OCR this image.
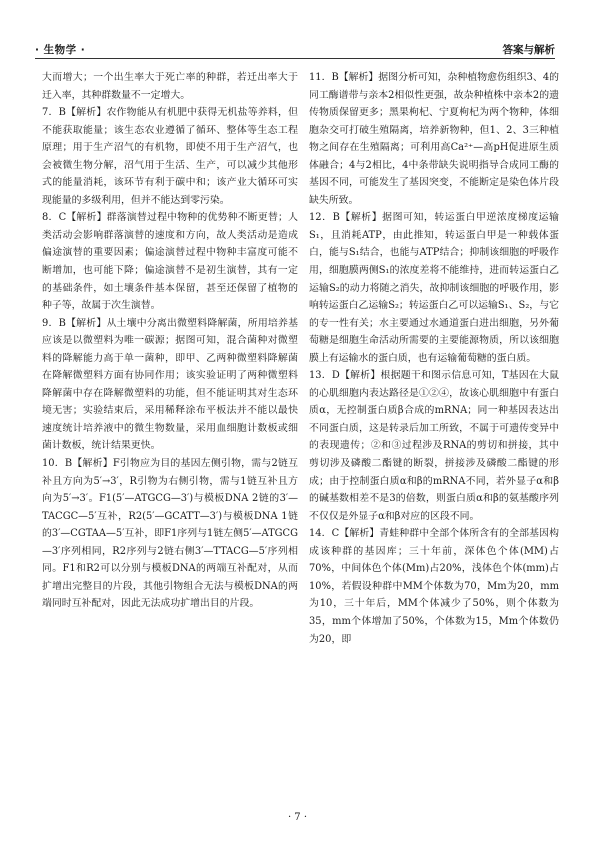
· 生物学 ·	答案与解析

大而增大；一个出生率大于死亡率的种群，若迁出率大于迁入率，其种群数量不一定增大。

7．B【解析】农作物能从有机肥中获得无机盐等养料，但不能获取能量；该生态农业遵循了循环、整体等生态工程原理；用于生产沼气的有机物，即使不用于生产沼气，也会被微生物分解，沼气用于生活、生产，可以减少其他形式的能量消耗，该环节有利于碳中和；该产业大循环可实现能量的多级利用，但并不能达到零污染。

8．C【解析】群落演替过程中物种的优势种不断更替；人类活动会影响群落演替的速度和方向，故人类活动是造成偏途演替的重要因素；偏途演替过程中物种丰富度可能不断增加，也可能下降；偏途演替不是初生演替，其有一定的基础条件，如土壤条件基本保留，甚至还保留了植物的种子等，故属于次生演替。

9．B【解析】从土壤中分离出微塑料降解菌，所用培养基应该是以微塑料为唯一碳源；据图可知，混合菌种对微塑料的降解能力高于单一菌种，即甲、乙两种微塑料降解菌在降解微塑料方面有协同作用；该实验证明了两种微塑料降解菌中存在降解微塑料的功能，但不能证明其对生态环境无害；实验结束后，采用稀释涂布平板法并不能以最快速度统计培养液中的微生物数量，采用血细胞计数板或细菌计数板，统计结果更快。

10．B【解析】F引物应为目的基因左侧引物，需与2链互补且方向为5′→3′，R引物为右侧引物，需与1链互补且方向为5′→3′。F1(5′—ATGCG—3′)与模板DNA 2链的3′—TACGC—5′互补，R2(5′—GCATT—3′)与模板DNA 1链的3′—CGTAA—5′互补，即F1序列与1链左侧5′—ATGCG—3′序列相同，R2序列与2链右侧3′—TTACG—5′序列相同。F1和R2可以分别与模板DNA的两端互补配对，从而扩增出完整目的片段，其他引物组合无法与模板DNA的两端同时互补配对，因此无法成功扩增出目的片段。

11．B【解析】据图分析可知，杂种植物愈伤组织3、4的同工酶谱带与亲本2相似性更强，故杂种植株中亲本2的遗传物质保留更多；黑果枸杞、宁夏枸杞为两个物种，体细胞杂交可打破生殖隔离，培养新物种，但1、2、3三种植物之间存在生殖隔离；可利用高Ca²⁺—高pH促进原生质体融合；4与2相比，4中条带缺失说明指导合成同工酶的基因不同，可能发生了基因突变，不能断定是染色体片段缺失所致。

12．B【解析】据图可知，转运蛋白甲逆浓度梯度运输S₁，且消耗ATP，由此推知，转运蛋白甲是一种载体蛋白，能与S₁结合，也能与ATP结合；抑制该细胞的呼吸作用，细胞膜两侧S₁的浓度差将不能维持，进而转运蛋白乙运输S₂的动力将随之消失，故抑制该细胞的呼吸作用，影响转运蛋白乙运输S₂；转运蛋白乙可以运输S₁、S₂，与它的专一性有关；水主要通过水通道蛋白进出细胞，另外葡萄糖是细胞生命活动所需要的主要能源物质，所以该细胞膜上有运输水的蛋白质，也有运输葡萄糖的蛋白质。

13．D【解析】根据题干和图示信息可知，T基因在大鼠的心肌细胞内表达路径是①②④，故该心肌细胞中有蛋白质α，无控制蛋白质β合成的mRNA；同一种基因表达出不同蛋白质，这是转录后加工所致，不属于可遗传变异中的表现遗传；②和③过程涉及RNA的剪切和拼接，其中剪切涉及磷酸二酯键的断裂，拼接涉及磷酸二酯键的形成；由于控制蛋白质α和β的mRNA不同，若外显子α和β的碱基数相差不是3的倍数，则蛋白质α和β的氨基酸序列不仅仅是外显子α和β对应的区段不同。

14．C【解析】青蛙种群中全部个体所含有的全部基因构成该种群的基因库；三十年前，深体色个体(MM)占70%，中间体色个体(Mm)占20%，浅体色个体(mm)占10%，若假设种群中MM个体数为70，Mm为20，mm为10，三十年后，MM个体减少了50%，则个体数为35，mm个体增加了50%，个体数为15，Mm个体数仍为20，即

· 7 ·
